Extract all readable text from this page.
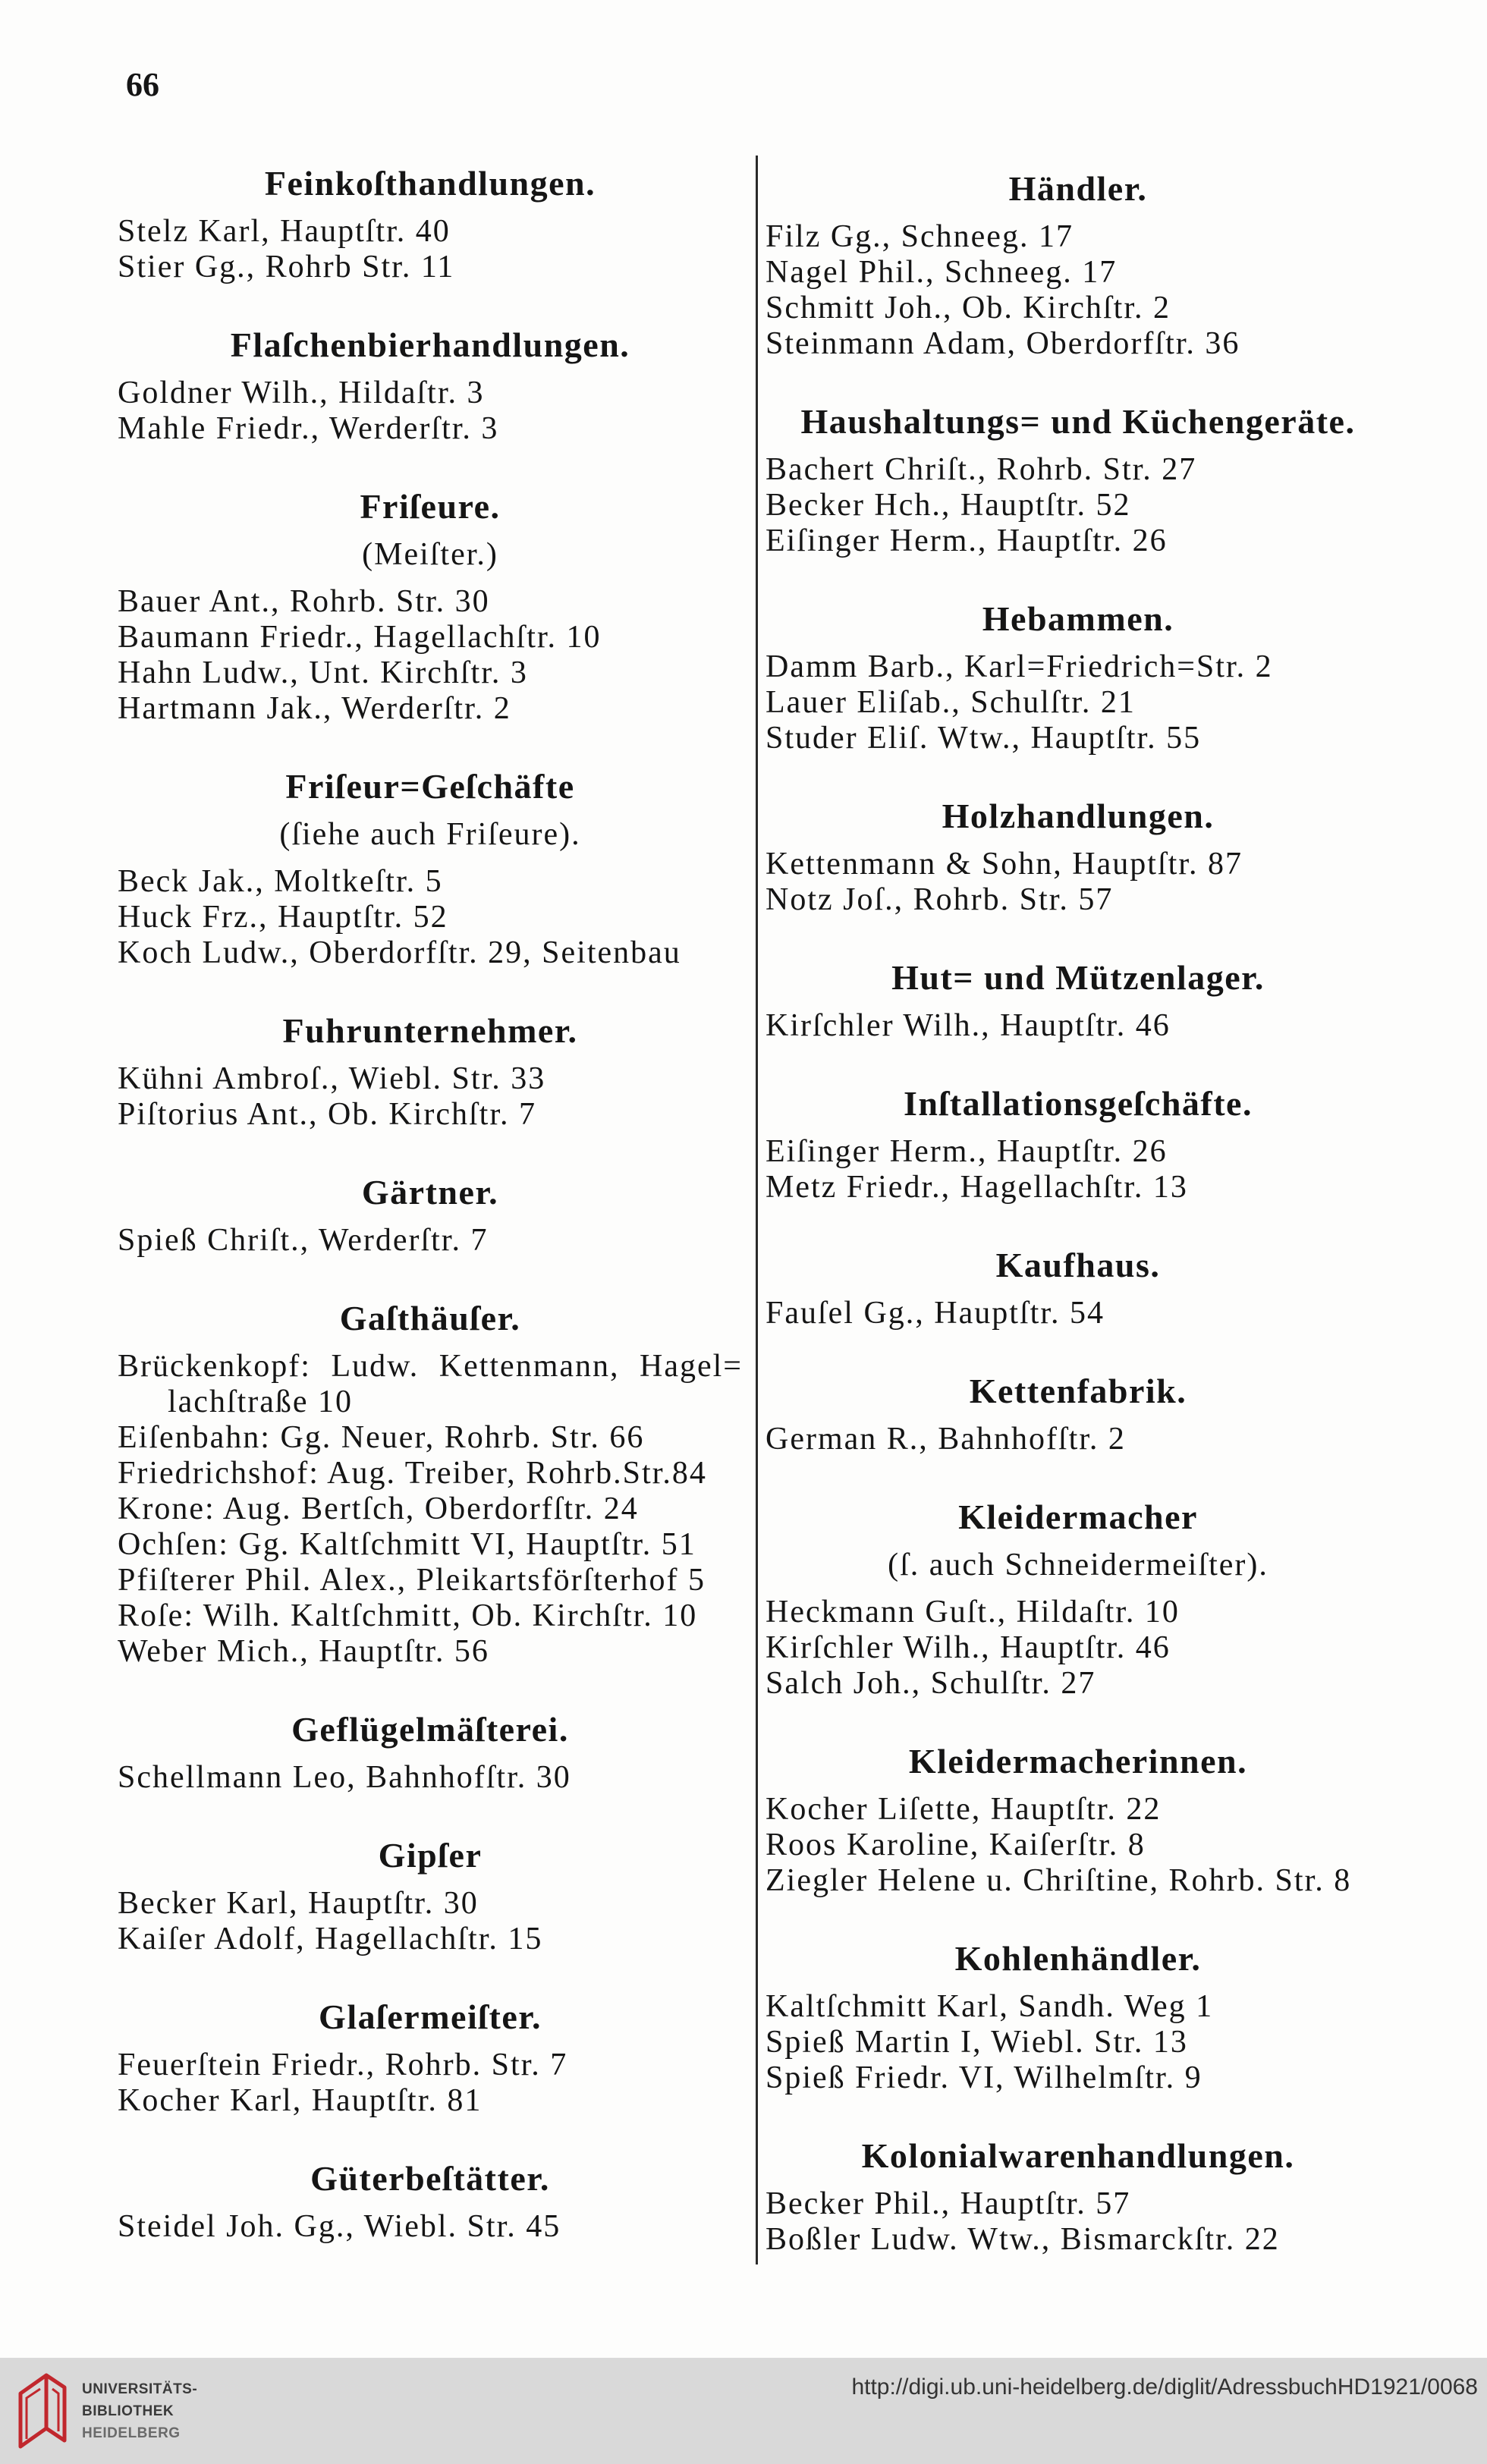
66
Feinkoſthandlungen.
Stelz Karl, Hauptſtr. 40
Stier Gg., Rohrb Str. 11
Flaſchenbierhandlungen.
Goldner Wilh., Hildaſtr. 3
Mahle Friedr., Werderſtr. 3
Friſeure.
(Meiſter.)
Bauer Ant., Rohrb. Str. 30
Baumann Friedr., Hagellachſtr. 10
Hahn Ludw., Unt. Kirchſtr. 3
Hartmann Jak., Werderſtr. 2
Friſeur=Geſchäfte
(ſiehe auch Friſeure).
Beck Jak., Moltkeſtr. 5
Huck Frz., Hauptſtr. 52
Koch Ludw., Oberdorfſtr. 29, Seitenbau
Fuhrunternehmer.
Kühni Ambroſ., Wiebl. Str. 33
Piſtorius Ant., Ob. Kirchſtr. 7
Gärtner.
Spieß Chriſt., Werderſtr. 7
Gaſthäuſer.
Brückenkopf: Ludw. Kettenmann, Hagel=
lachſtraße 10
Eiſenbahn: Gg. Neuer, Rohrb. Str. 66
Friedrichshof: Aug. Treiber, Rohrb.Str.84
Krone: Aug. Bertſch, Oberdorfſtr. 24
Ochſen: Gg. Kaltſchmitt VI, Hauptſtr. 51
Pfiſterer Phil. Alex., Pleikartsförſterhof 5
Roſe: Wilh. Kaltſchmitt, Ob. Kirchſtr. 10
Weber Mich., Hauptſtr. 56
Geflügelmäſterei.
Schellmann Leo, Bahnhofſtr. 30
Gipſer
Becker Karl, Hauptſtr. 30
Kaiſer Adolf, Hagellachſtr. 15
Glaſermeiſter.
Feuerſtein Friedr., Rohrb. Str. 7
Kocher Karl, Hauptſtr. 81
Güterbeſtätter.
Steidel Joh. Gg., Wiebl. Str. 45
Händler.
Filz Gg., Schneeg. 17
Nagel Phil., Schneeg. 17
Schmitt Joh., Ob. Kirchſtr. 2
Steinmann Adam, Oberdorfſtr. 36
Haushaltungs= und Küchengeräte.
Bachert Chriſt., Rohrb. Str. 27
Becker Hch., Hauptſtr. 52
Eiſinger Herm., Hauptſtr. 26
Hebammen.
Damm Barb., Karl=Friedrich=Str. 2
Lauer Eliſab., Schulſtr. 21
Studer Eliſ. Wtw., Hauptſtr. 55
Holzhandlungen.
Kettenmann & Sohn, Hauptſtr. 87
Notz Joſ., Rohrb. Str. 57
Hut= und Mützenlager.
Kirſchler Wilh., Hauptſtr. 46
Inſtallationsgeſchäfte.
Eiſinger Herm., Hauptſtr. 26
Metz Friedr., Hagellachſtr. 13
Kaufhaus.
Fauſel Gg., Hauptſtr. 54
Kettenfabrik.
German R., Bahnhofſtr. 2
Kleidermacher
(ſ. auch Schneidermeiſter).
Heckmann Guſt., Hildaſtr. 10
Kirſchler Wilh., Hauptſtr. 46
Salch Joh., Schulſtr. 27
Kleidermacherinnen.
Kocher Liſette, Hauptſtr. 22
Roos Karoline, Kaiſerſtr. 8
Ziegler Helene u. Chriſtine, Rohrb. Str. 8
Kohlenhändler.
Kaltſchmitt Karl, Sandh. Weg 1
Spieß Martin I, Wiebl. Str. 13
Spieß Friedr. VI, Wilhelmſtr. 9
Kolonialwarenhandlungen.
Becker Phil., Hauptſtr. 57
Boßler Ludw. Wtw., Bismarckſtr. 22
UNIVERSITÄTS-
BIBLIOTHEK
HEIDELBERG
http://digi.ub.uni-heidelberg.de/diglit/AdressbuchHD1921/0068
